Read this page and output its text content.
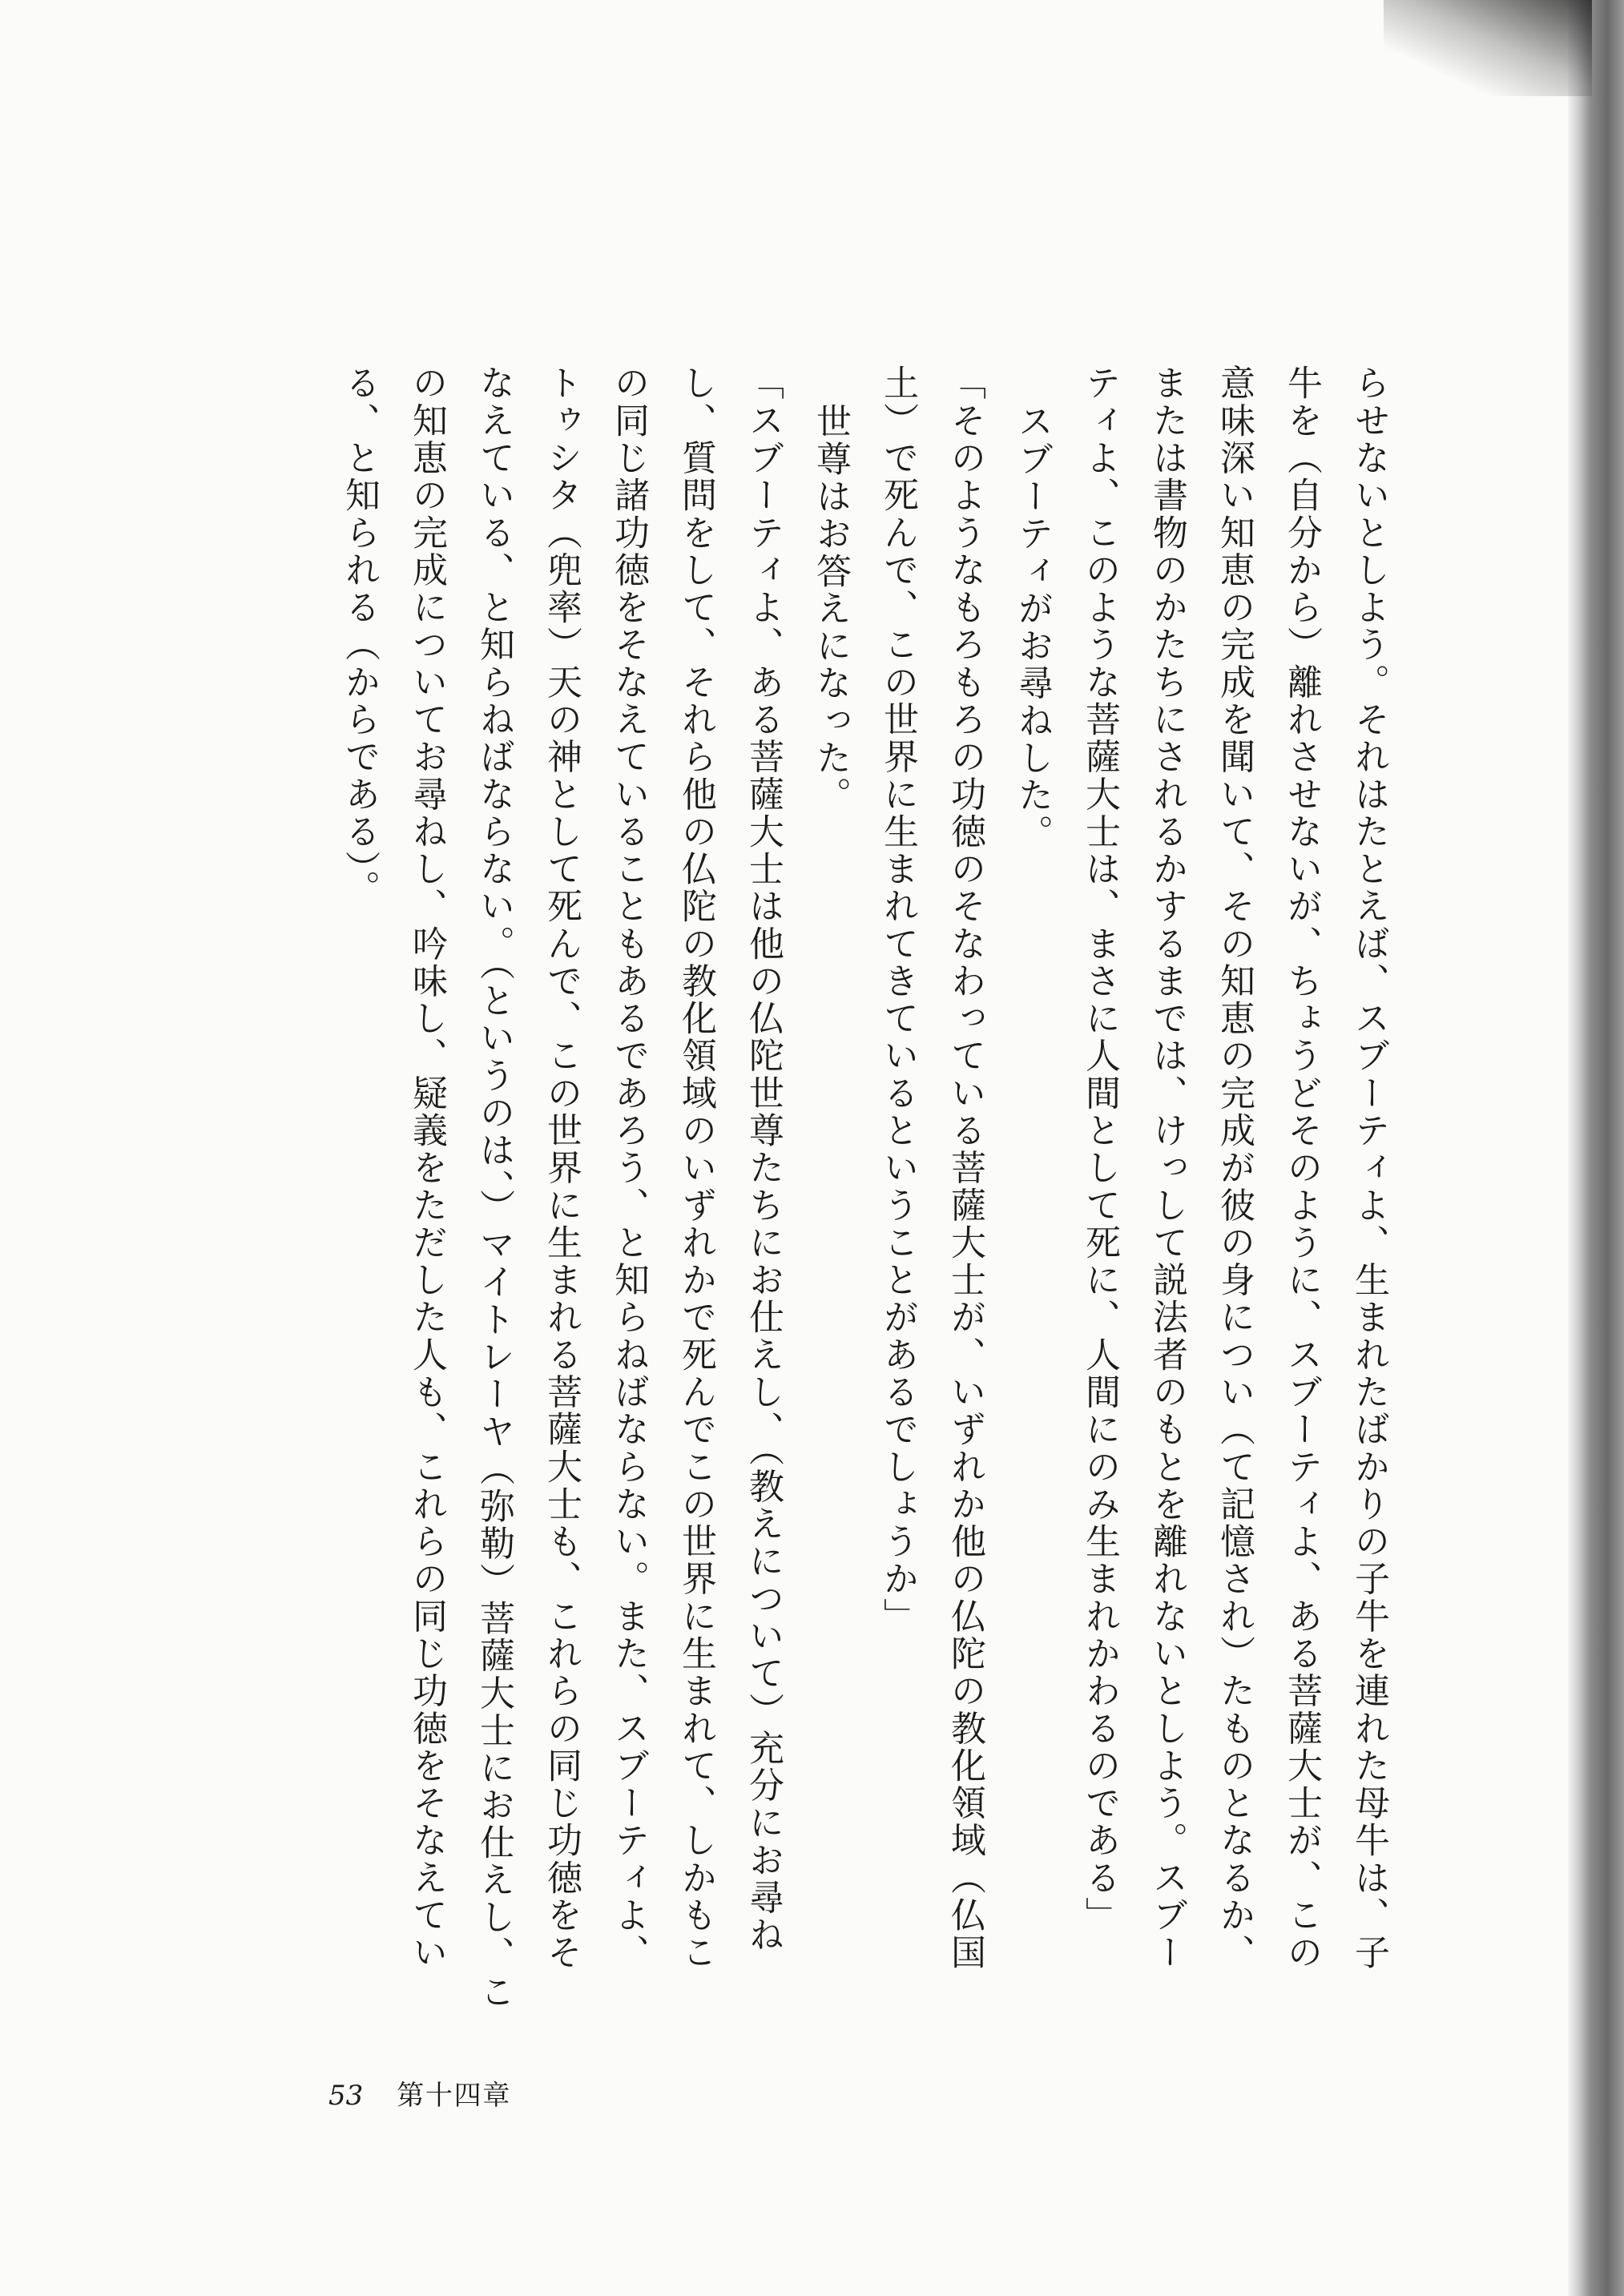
らせないとしよう。それはたとえば、スブーティよ、生まれたばかりの子牛を連れた母牛は、子
牛を（自分から）離れさせないが、ちょうどそのように、スブーティよ、ある菩薩大士が、この
意味深い知恵の完成を聞いて、その知恵の完成が彼の身につい（て記憶され）たものとなるか、
または書物のかたちにされるかするまでは、けっして説法者のもとを離れないとしよう。スブー
ティよ、このような菩薩大士は、まさに人間として死に、人間にのみ生まれかわるのである」
スブーティがお尋ねした。
「そのようなもろもろの功徳のそなわっている菩薩大士が、いずれか他の仏陀の教化領域（仏国
土）で死んで、この世界に生まれてきているということがあるでしょうか」
世尊はお答えになった。
「スブーティよ、ある菩薩大士は他の仏陀世尊たちにお仕えし、（教えについて）充分にお尋ね
し、質問をして、それら他の仏陀の教化領域のいずれかで死んでこの世界に生まれて、しかもこ
の同じ諸功徳をそなえていることもあるであろう、と知らねばならない。また、スブーティよ、
トゥシタ（兜率）天の神として死んで、この世界に生まれる菩薩大士も、これらの同じ功徳をそ
なえている、と知らねばならない。（というのは、）マイトレーヤ（弥勒）菩薩大士にお仕えし、こ
の知恵の完成についてお尋ねし、吟味し、疑義をただした人も、これらの同じ功徳をそなえてい
る、と知られる（からである）。
53 第十四章
